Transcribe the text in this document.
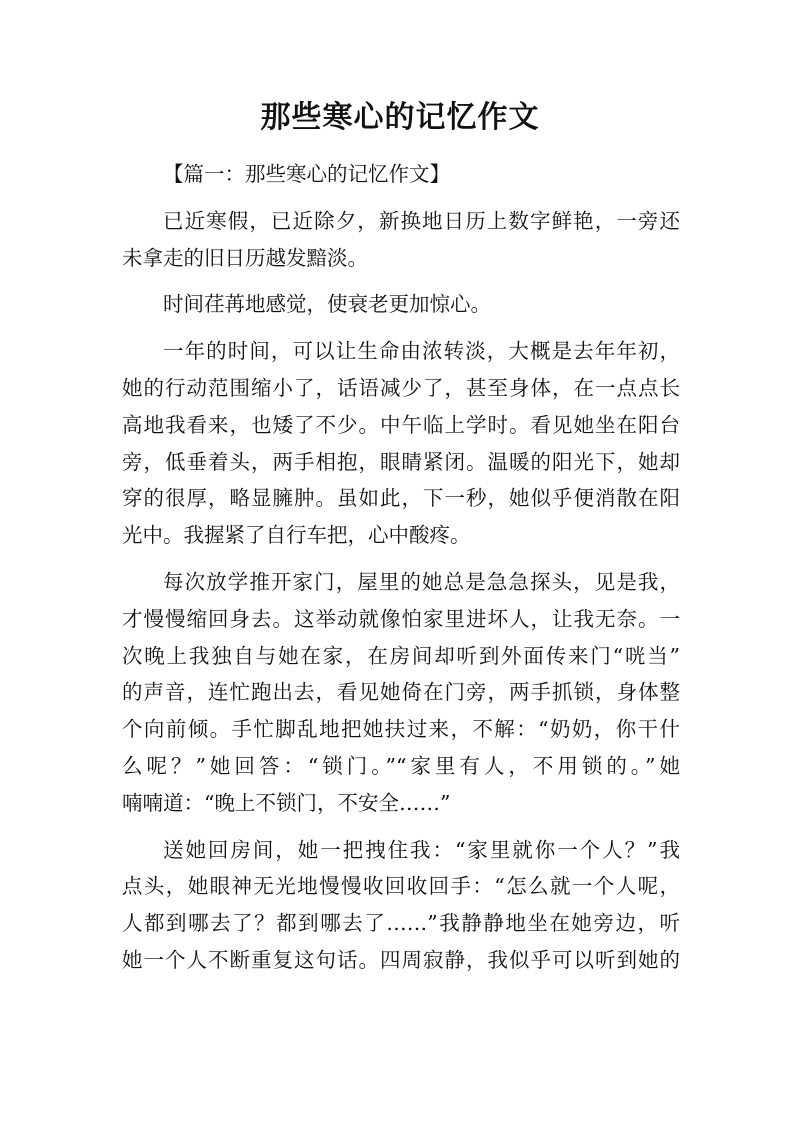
那些寒心的记忆作文
【篇一：那些寒心的记忆作文】
已近寒假，已近除夕，新换地日历上数字鲜艳，一旁还
未拿走的旧日历越发黯淡。
时间荏苒地感觉，使衰老更加惊心。
一年的时间，可以让生命由浓转淡，大概是去年年初，
她的行动范围缩小了，话语减少了，甚至身体，在一点点长
高地我看来，也矮了不少。中午临上学时。看见她坐在阳台
旁，低垂着头，两手相抱，眼睛紧闭。温暖的阳光下，她却
穿的很厚，略显臃肿。虽如此，下一秒，她似乎便消散在阳
光中。我握紧了自行车把，心中酸疼。
每次放学推开家门，屋里的她总是急急探头，见是我，
才慢慢缩回身去。这举动就像怕家里进坏人，让我无奈。一
次晚上我独自与她在家，在房间却听到外面传来门“咣当”
的声音，连忙跑出去，看见她倚在门旁，两手抓锁，身体整
个向前倾。手忙脚乱地把她扶过来，不解：“奶奶，你干什
么呢？”她回答：“锁门。”“家里有人，不用锁的。”她
喃喃道：“晚上不锁门，不安全……”
送她回房间，她一把拽住我：“家里就你一个人？”我
点头，她眼神无光地慢慢收回收回手：“怎么就一个人呢，
人都到哪去了？都到哪去了……”我静静地坐在她旁边，听
她一个人不断重复这句话。四周寂静，我似乎可以听到她的
